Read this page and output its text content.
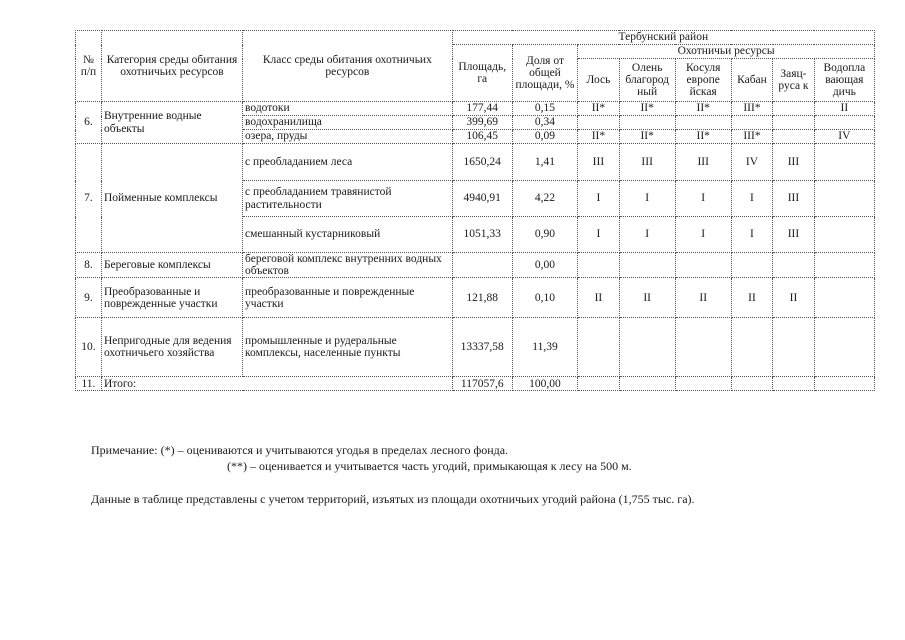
№ п/п	Категория среды обитания охотничьих ресурсов	Класс среды обитания охотничьих ресурсов	Тербунский район							
			Площадь, га	Доля от общей площади, %	Охотничьи ресурсы					
					Лось	Олень благород ный	Косуля европе йская	Кабан	Заяц-руса к	Водопла вающая дичь
6.	Внутренние водные объекты	водотоки	177,44	0,15	II*	II*	II*	III*		II
		водохранилища	399,69	0,34						
		озера, пруды	106,45	0,09	II*	II*	II*	III*		IV
7.	Пойменные комплексы	с преобладанием леса	1650,24	1,41	III	III	III	IV	III	
		с преобладанием травянистой растительности	4940,91	4,22	I	I	I	I	III	
		смешанный кустарниковый	1051,33	0,90	I	I	I	I	III	
8.	Береговые комплексы	береговой комплекс внутренних водных объектов		0,00						
9.	Преобразованные и поврежденные участки	преобразованные и поврежденные участки	121,88	0,10	II	II	II	II	II	
10.	Непригодные для ведения охотничьего хозяйства	промышленные и рудеральные комплексы, населенные пункты	13337,58	11,39						
11.	Итого:		117057,6	100,00						

Примечание: (*) – оцениваются и учитываются угодья в пределах лесного фонда.

(**) – оценивается и учитывается часть угодий, примыкающая к лесу на 500 м.

Данные в таблице представлены с учетом территорий, изъятых из площади охотничьих угодий района (1,755 тыс. га).
